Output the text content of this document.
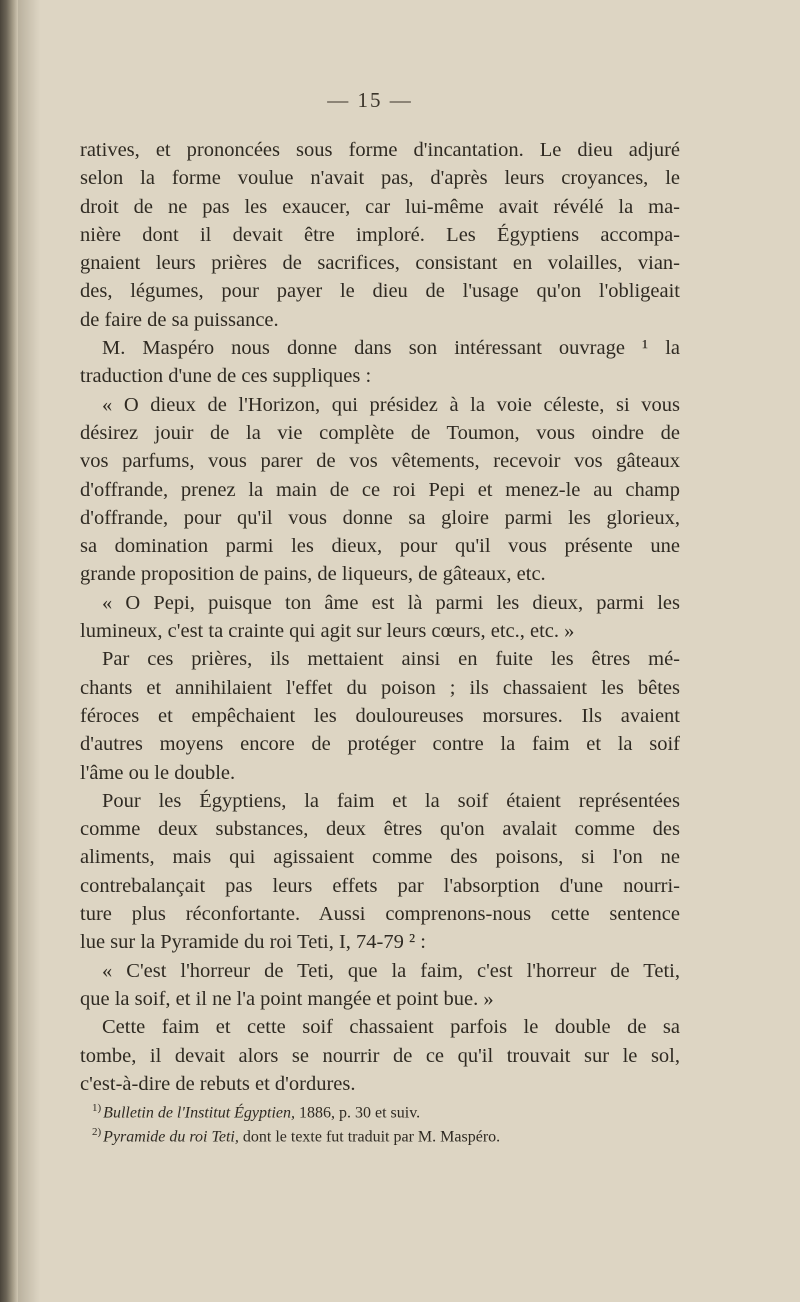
— 15 —
ratives, et prononcées sous forme d'incantation. Le dieu adjuré
selon la forme voulue n'avait pas, d'après leurs croyances, le
droit de ne pas les exaucer, car lui-même avait révélé la ma-
nière dont il devait être imploré. Les Égyptiens accompa-
gnaient leurs prières de sacrifices, consistant en volailles, vian-
des, légumes, pour payer le dieu de l'usage qu'on l'obligeait
de faire de sa puissance.
M. Maspéro nous donne dans son intéressant ouvrage ¹ la
traduction d'une de ces suppliques :
« O dieux de l'Horizon, qui présidez à la voie céleste, si vous
désirez jouir de la vie complète de Toumon, vous oindre de
vos parfums, vous parer de vos vêtements, recevoir vos gâteaux
d'offrande, prenez la main de ce roi Pepi et menez-le au champ
d'offrande, pour qu'il vous donne sa gloire parmi les glorieux,
sa domination parmi les dieux, pour qu'il vous présente une
grande proposition de pains, de liqueurs, de gâteaux, etc.
« O Pepi, puisque ton âme est là parmi les dieux, parmi les
lumineux, c'est ta crainte qui agit sur leurs cœurs, etc., etc. »
Par ces prières, ils mettaient ainsi en fuite les êtres mé-
chants et annihilaient l'effet du poison ; ils chassaient les bêtes
féroces et empêchaient les douloureuses morsures. Ils avaient
d'autres moyens encore de protéger contre la faim et la soif
l'âme ou le double.
Pour les Égyptiens, la faim et la soif étaient représentées
comme deux substances, deux êtres qu'on avalait comme des
aliments, mais qui agissaient comme des poisons, si l'on ne
contrebalançait pas leurs effets par l'absorption d'une nourri-
ture plus réconfortante. Aussi comprenons-nous cette sentence
lue sur la Pyramide du roi Teti, I, 74-79 ² :
« C'est l'horreur de Teti, que la faim, c'est l'horreur de Teti,
que la soif, et il ne l'a point mangée et point bue. »
Cette faim et cette soif chassaient parfois le double de sa
tombe, il devait alors se nourrir de ce qu'il trouvait sur le sol,
c'est-à-dire de rebuts et d'ordures.
$^{1)}$ Bulletin de l'Institut Égyptien, 1886, p. 30 et suiv.
$^{2)}$ Pyramide du roi Teti, dont le texte fut traduit par M. Maspéro.
